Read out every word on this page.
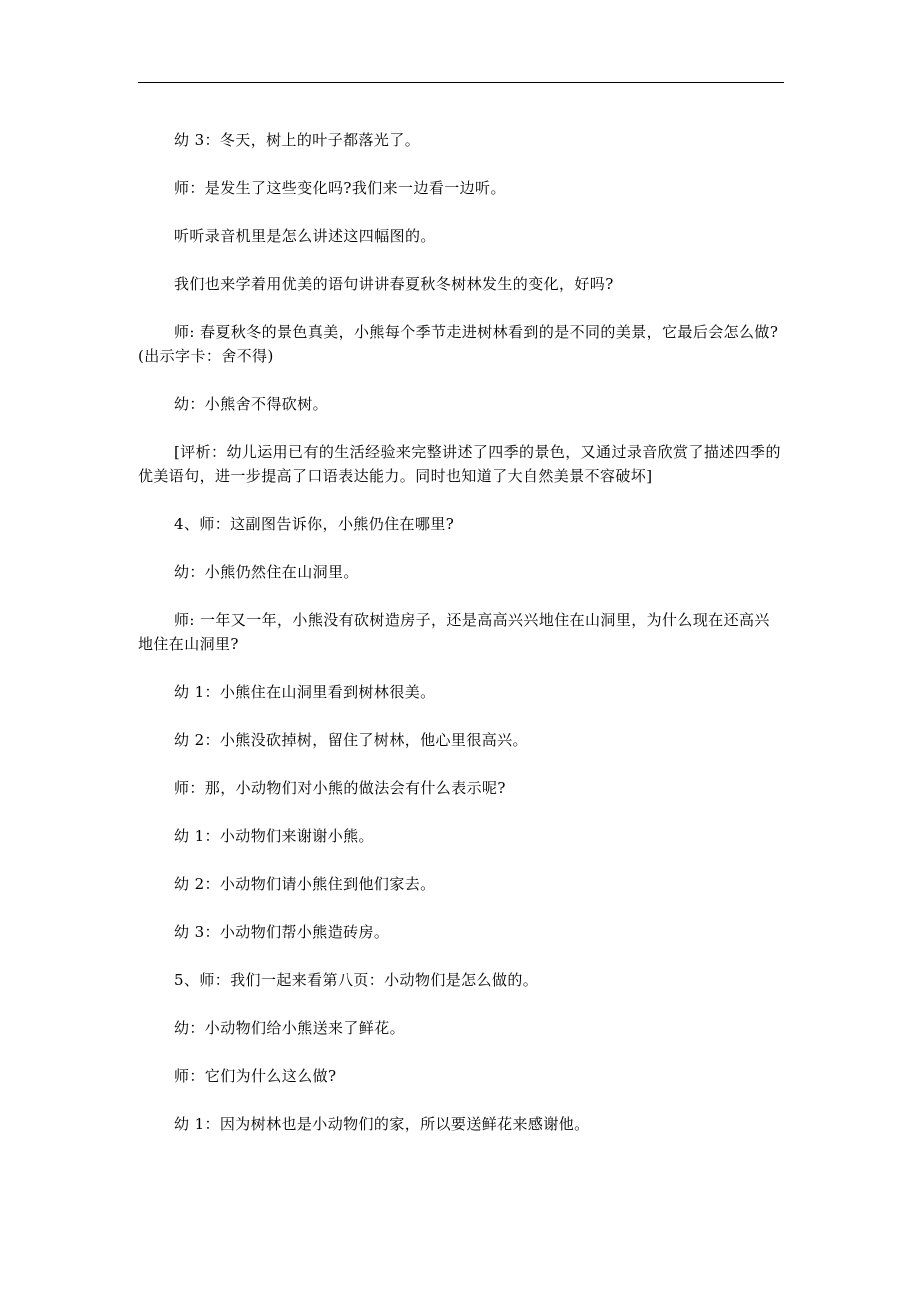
幼 3：冬天，树上的叶子都落光了。

师：是发生了这些变化吗?我们来一边看一边听。

听听录音机里是怎么讲述这四幅图的。

我们也来学着用优美的语句讲讲春夏秋冬树林发生的变化，好吗?

师: 春夏秋冬的景色真美，小熊每个季节走进树林看到的是不同的美景，它最后会怎么做?(出示字卡：舍不得)

幼：小熊舍不得砍树。

[评析：幼儿运用已有的生活经验来完整讲述了四季的景色，又通过录音欣赏了描述四季的优美语句，进一步提高了口语表达能力。同时也知道了大自然美景不容破坏]

4、师：这副图告诉你，小熊仍住在哪里?

幼：小熊仍然住在山洞里。

师: 一年又一年，小熊没有砍树造房子，还是高高兴兴地住在山洞里，为什么现在还高兴地住在山洞里?

幼 1：小熊住在山洞里看到树林很美。

幼 2：小熊没砍掉树，留住了树林，他心里很高兴。

师：那，小动物们对小熊的做法会有什么表示呢?

幼 1：小动物们来谢谢小熊。

幼 2：小动物们请小熊住到他们家去。

幼 3：小动物们帮小熊造砖房。

5、师：我们一起来看第八页：小动物们是怎么做的。

幼：小动物们给小熊送来了鲜花。

师：它们为什么这么做?

幼 1：因为树林也是小动物们的家，所以要送鲜花来感谢他。
